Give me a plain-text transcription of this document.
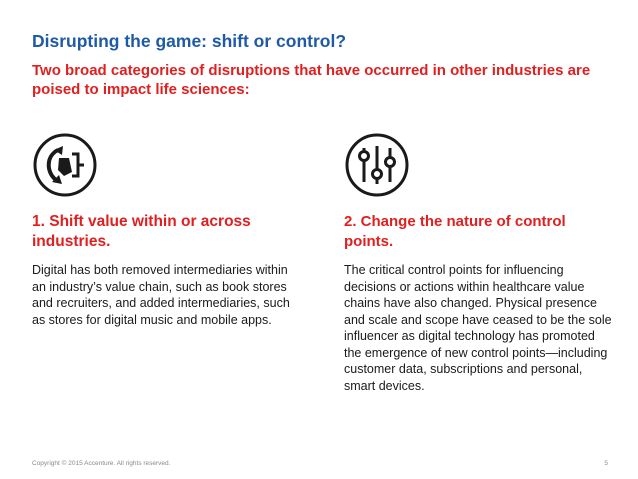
Disrupting the game: shift or control?
Two broad categories of disruptions that have occurred in other industries are poised to impact life sciences:
1. Shift value within or across industries.
Digital has both removed intermediaries within an industry’s value chain, such as book stores and recruiters, and added intermediaries, such as stores for digital music and mobile apps.
2. Change the nature of control points.
The critical control points for influencing decisions or actions within healthcare value chains have also changed. Physical presence and scale and scope have ceased to be the sole influencer as digital technology has promoted the emergence of new control points—including customer data, subscriptions and personal, smart devices.
Copyright © 2015 Accenture. All rights reserved.	5
